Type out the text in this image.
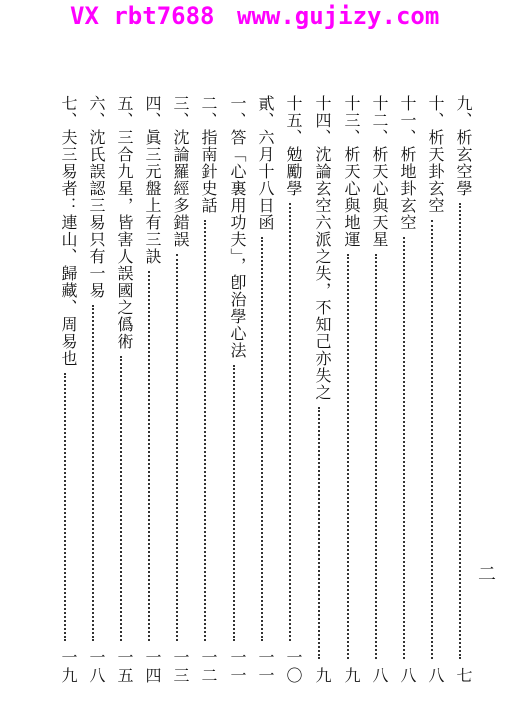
VX rbt7688 www.gujizy.com
九、析玄空學
七
十、析天卦玄空
八
十一、析地卦玄空
八
十二、析天心與天星
八
十三、析天心與地運
九
十四、沈論玄空六派之失，不知己亦失之
九
十五、勉勵學
一〇
貳、六月十八日函
一一
一、答「心裏用功夫」，卽治學心法
一一
二、指南針史話
一二
三、沈論羅經多錯誤
一三
四、眞三元盤上有三訣
一四
五、三合九星，皆害人誤國之僞術
一五
六、沈氏誤認三易只有一易
一八
七、夫三易者：連山、歸藏、周易也
一九
二
